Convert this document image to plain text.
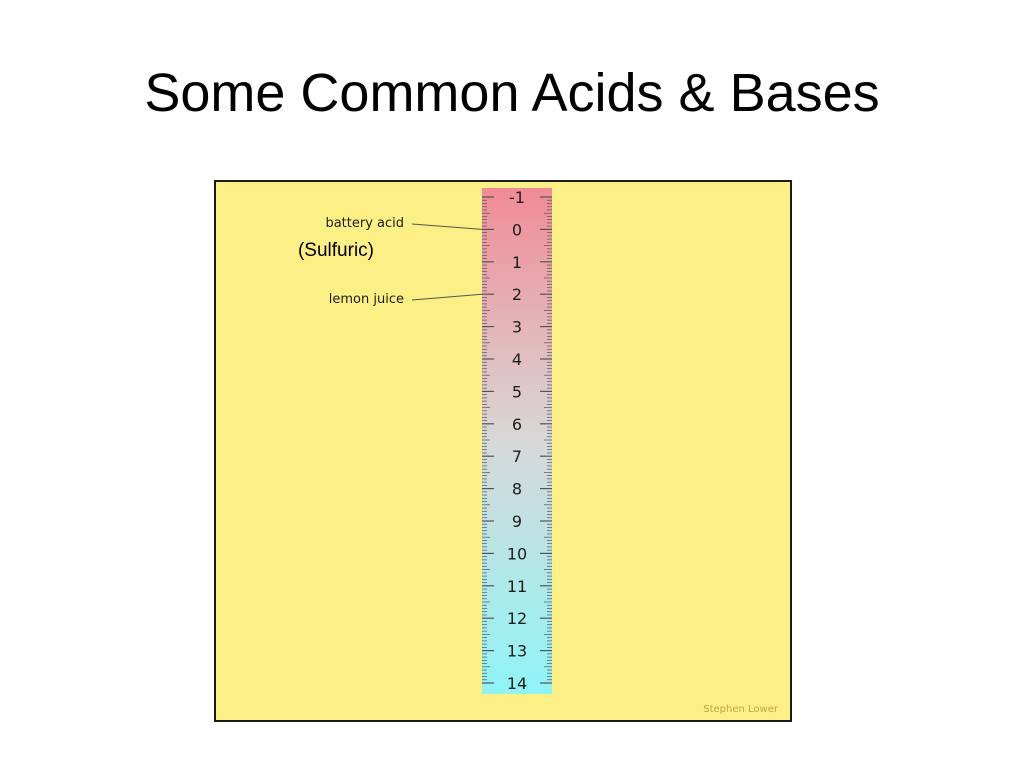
Some Common Acids & Bases
-1
0
1
2
3
4
5
6
7
8
9
10
11
12
13
14
battery acid
(Sulfuric)
lemon juice
Stephen Lower
